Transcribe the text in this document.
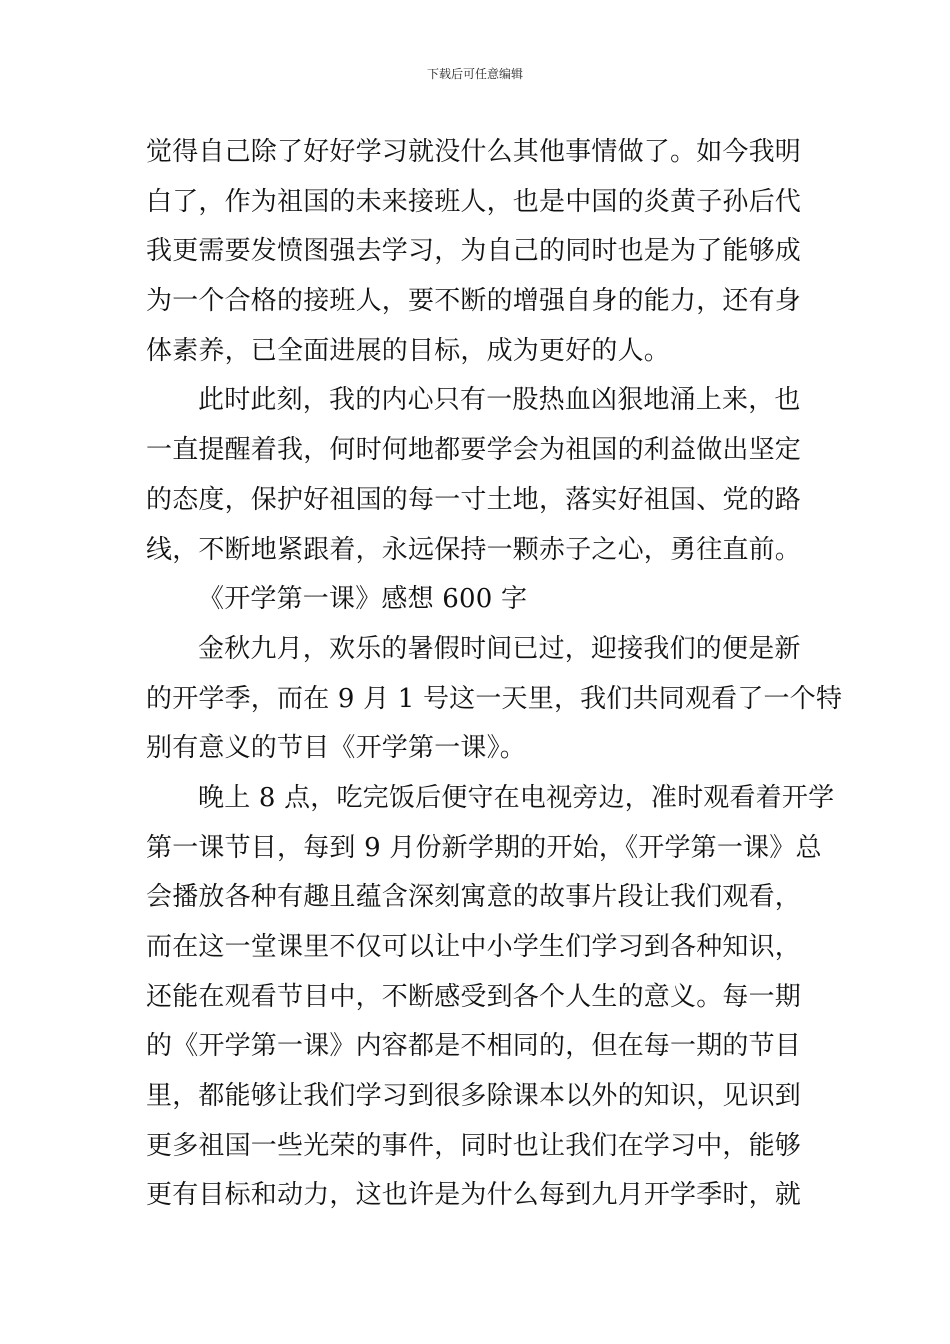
下载后可任意编辑
觉得自己除了好好学习就没什么其他事情做了。如今我明
白了，作为祖国的未来接班人，也是中国的炎黄子孙后代
我更需要发愤图强去学习，为自己的同时也是为了能够成
为一个合格的接班人，要不断的增强自身的能力，还有身
体素养，已全面进展的目标，成为更好的人。
此时此刻，我的内心只有一股热血凶狠地涌上来，也
一直提醒着我，何时何地都要学会为祖国的利益做出坚定
的态度，保护好祖国的每一寸土地，落实好祖国、党的路
线，不断地紧跟着，永远保持一颗赤子之心，勇往直前。
《开学第一课》感想 600 字
金秋九月，欢乐的暑假时间已过，迎接我们的便是新
的开学季，而在 9 月 1 号这一天里，我们共同观看了一个特
别有意义的节目《开学第一课》。
晚上 8 点，吃完饭后便守在电视旁边，准时观看着开学
第一课节目，每到 9 月份新学期的开始，《开学第一课》总
会播放各种有趣且蕴含深刻寓意的故事片段让我们观看，
而在这一堂课里不仅可以让中小学生们学习到各种知识，
还能在观看节目中，不断感受到各个人生的意义。每一期
的《开学第一课》内容都是不相同的，但在每一期的节目
里，都能够让我们学习到很多除课本以外的知识，见识到
更多祖国一些光荣的事件，同时也让我们在学习中，能够
更有目标和动力，这也许是为什么每到九月开学季时，就
